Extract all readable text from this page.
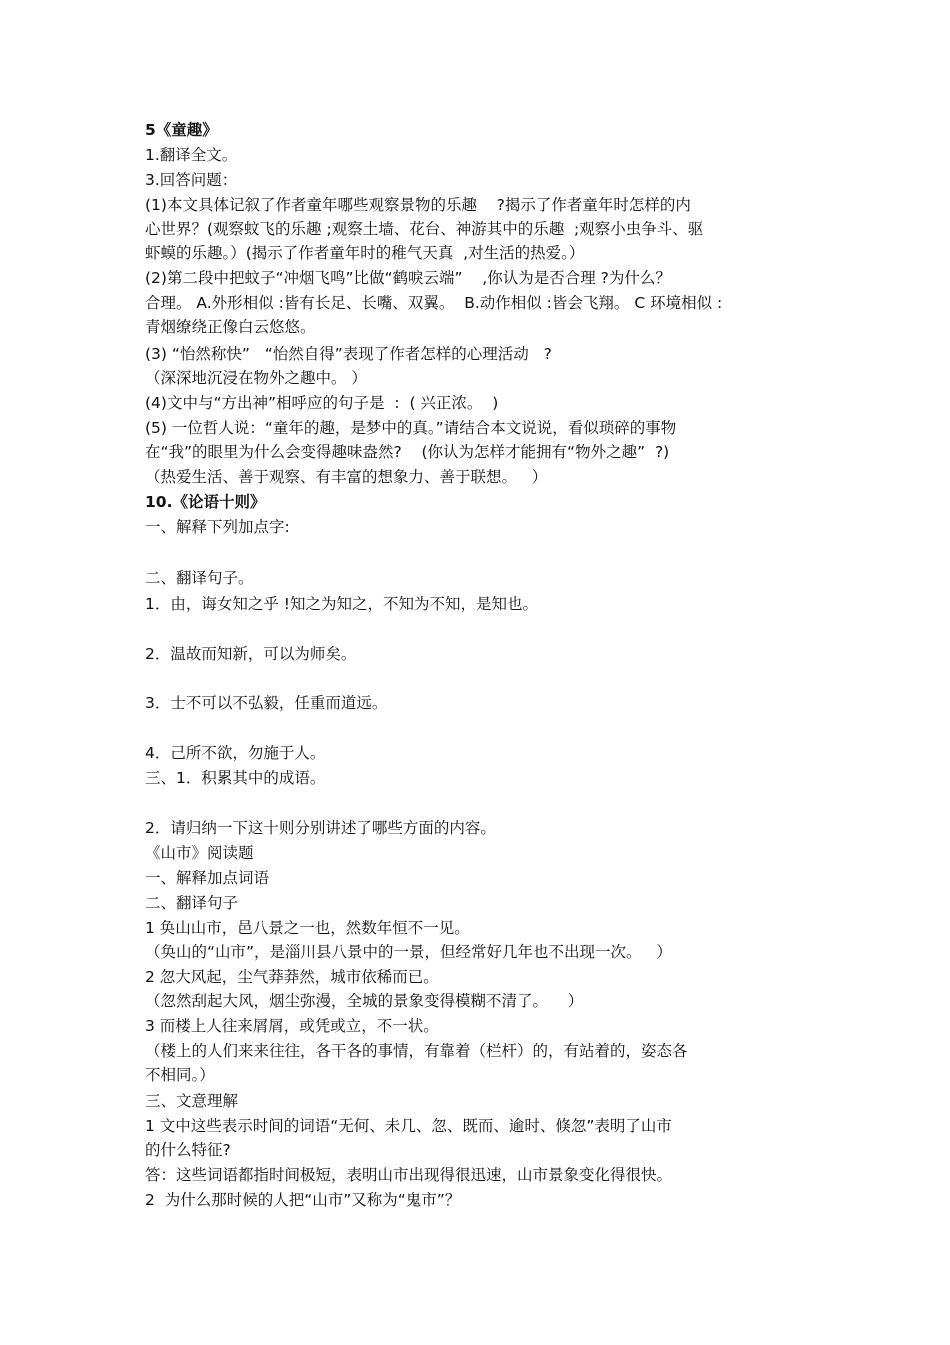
5《童趣》
1.翻译全文。
3.回答问题：
(1)本文具体记叙了作者童年哪些观察景物的乐趣    ?揭示了作者童年时怎样的内
心世界？(观察蚊飞的乐趣 ;观察土墙、花台、神游其中的乐趣  ;观察小虫争斗、驱
虾蟆的乐趣。）(揭示了作者童年时的稚气天真  ,对生活的热爱。）
(2)第二段中把蚊子“冲烟飞鸣”比做“鹤唳云端”    ,你认为是否合理 ?为什么？
合理。 A.外形相似 :皆有长足、长嘴、双翼。  B.动作相似 :皆会飞翔。 C 环境相似 :
青烟缭绕正像白云悠悠。
(3) “怡然称快”   “怡然自得”表现了作者怎样的心理活动   ?
（深深地沉浸在物外之趣中。 ）
(4)文中与“方出神”相呼应的句子是  :  ( 兴正浓。  )
(5) 一位哲人说：“童年的趣，是梦中的真。”请结合本文说说，看似琐碎的事物
在“我”的眼里为什么会变得趣味盎然?    (你认为怎样才能拥有“物外之趣”  ?)
（热爱生活、善于观察、有丰富的想象力、善于联想。   ）
10.《论语十则》
一、解释下列加点字:
二、翻译句子。
1．由，诲女知之乎 !知之为知之，不知为不知，是知也。
2．温故而知新，可以为师矣。
3．士不可以不弘毅，任重而道远。
4．己所不欲，勿施于人。
三、1．积累其中的成语。
2．请归纳一下这十则分别讲述了哪些方面的内容。
《山市》阅读题
一、解释加点词语
二、翻译句子
1 奂山山市，邑八景之一也，然数年恒不一见。
（奂山的“山市”，是淄川县八景中的一景，但经常好几年也不出现一次。   ）
2 忽大风起，尘气莽莽然，城市依稀而已。
（忽然刮起大风，烟尘弥漫，全城的景象变得模糊不清了。    ）
3 而楼上人往来屑屑，或凭或立，不一状。
（楼上的人们来来往往，各干各的事情，有靠着（栏杆）的，有站着的，姿态各
不相同。）
三、文意理解
1 文中这些表示时间的词语“无何、未几、忽、既而、逾时、倏忽”表明了山市
的什么特征?
答：这些词语都指时间极短，表明山市出现得很迅速，山市景象变化得很快。
2  为什么那时候的人把“山市”又称为“鬼市”？
